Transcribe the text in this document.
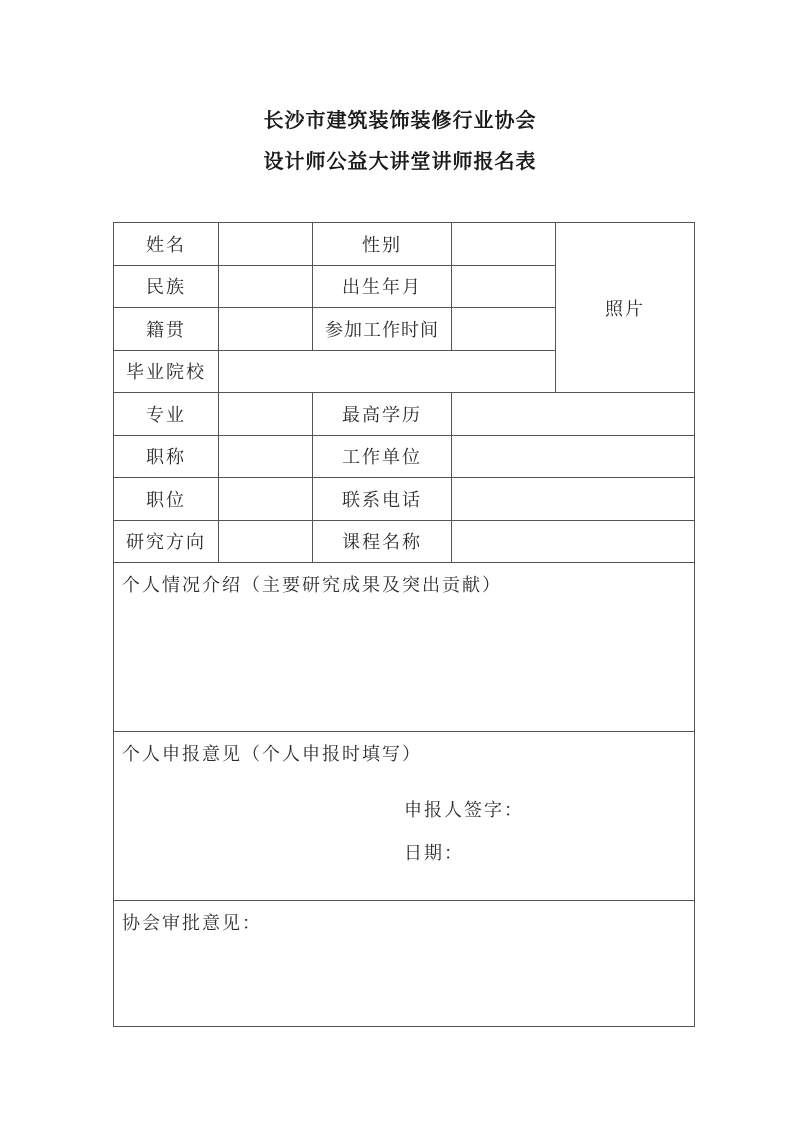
长沙市建筑装饰装修行业协会
设计师公益大讲堂讲师报名表
姓名		性别		照片
民族		出生年月		
籍贯		参加工作时间		
毕业院校				
专业		最高学历		
职称		工作单位		
职位		联系电话		
研究方向		课程名称		

个人情况介绍（主要研究成果及突出贡献）				

个人申报意见（个人申报时填写）
申报人签字：
日期：				

协会审批意见：				
